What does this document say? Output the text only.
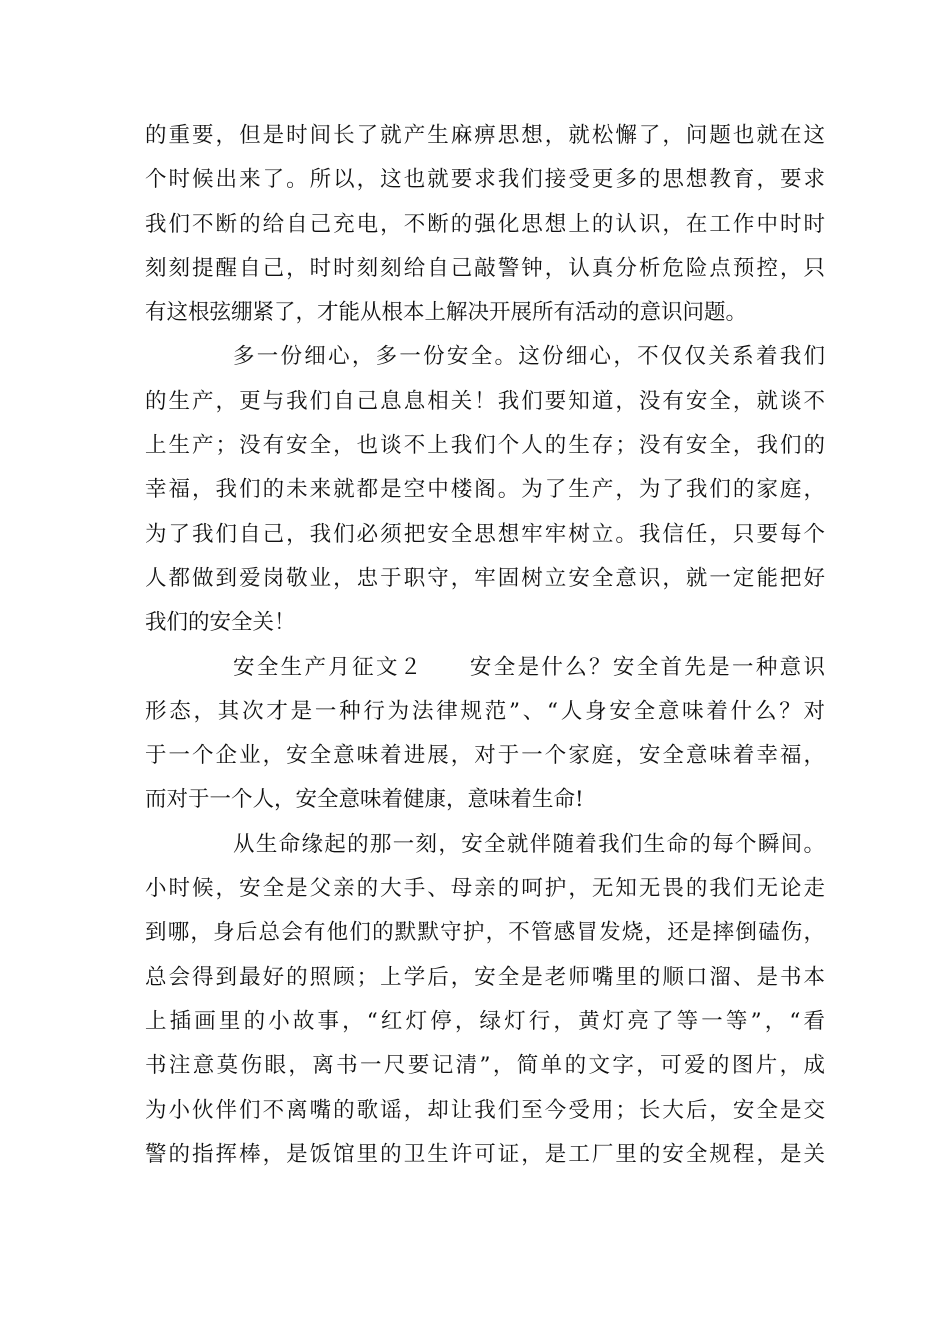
的重要，但是时间长了就产生麻痹思想，就松懈了，问题也就在这
个时候出来了。所以，这也就要求我们接受更多的思想教育，要求
我们不断的给自己充电，不断的强化思想上的认识，在工作中时时
刻刻提醒自己，时时刻刻给自己敲警钟，认真分析危险点预控，只
有这根弦绷紧了，才能从根本上解决开展所有活动的意识问题。
多一份细心，多一份安全。这份细心，不仅仅关系着我们
的生产，更与我们自己息息相关！我们要知道，没有安全，就谈不
上生产；没有安全，也谈不上我们个人的生存；没有安全，我们的
幸福，我们的未来就都是空中楼阁。为了生产，为了我们的家庭，
为了我们自己，我们必须把安全思想牢牢树立。我信任，只要每个
人都做到爱岗敬业，忠于职守，牢固树立安全意识，就一定能把好
我们的安全关！
安全生产月征文２ 安全是什么？安全首先是一种意识
形态，其次才是一种行为法律规范”、“人身安全意味着什么？对
于一个企业，安全意味着进展，对于一个家庭，安全意味着幸福，
而对于一个人，安全意味着健康，意味着生命!
从生命缘起的那一刻，安全就伴随着我们生命的每个瞬间。
小时候，安全是父亲的大手、母亲的呵护，无知无畏的我们无论走
到哪，身后总会有他们的默默守护，不管感冒发烧，还是摔倒磕伤，
总会得到最好的照顾；上学后，安全是老师嘴里的顺口溜、是书本
上插画里的小故事，“红灯停，绿灯行，黄灯亮了等一等”，“看
书注意莫伤眼，离书一尺要记清”，简单的文字，可爱的图片，成
为小伙伴们不离嘴的歌谣，却让我们至今受用；长大后，安全是交
警的指挥棒，是饭馆里的卫生许可证，是工厂里的安全规程，是关
